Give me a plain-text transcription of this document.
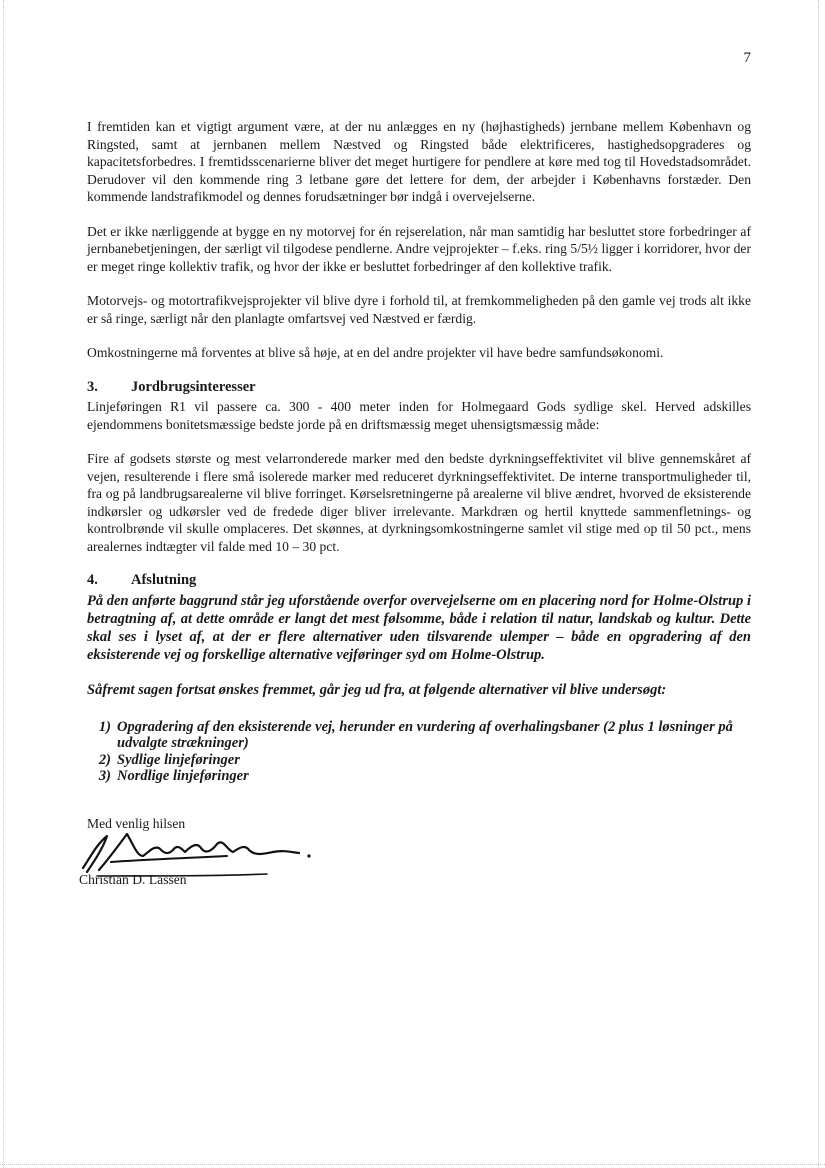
7

I fremtiden kan et vigtigt argument være, at der nu anlægges en ny (højhastigheds) jernbane mellem København og Ringsted, samt at jernbanen mellem Næstved og Ringsted både elektrificeres, hastighedsopgraderes og kapacitetsforbedres. I fremtidsscenarierne bliver det meget hurtigere for pendlere at køre med tog til Hovedstadsområdet. Derudover vil den kommende ring 3 letbane gøre det lettere for dem, der arbejder i Københavns forstæder. Den kommende landstrafikmodel og dennes forudsætninger bør indgå i overvejelserne.

Det er ikke nærliggende at bygge en ny motorvej for én rejserelation, når man samtidig har besluttet store forbedringer af jernbanebetjeningen, der særligt vil tilgodese pendlerne. Andre vejprojekter – f.eks. ring 5/5½ ligger i korridorer, hvor der er meget ringe kollektiv trafik, og hvor der ikke er besluttet forbedringer af den kollektive trafik.

Motorvejs- og motortrafikvejsprojekter vil blive dyre i forhold til, at fremkommeligheden på den gamle vej trods alt ikke er så ringe, særligt når den planlagte omfartsvej ved Næstved er færdig.

Omkostningerne må forventes at blive så høje, at en del andre projekter vil have bedre samfundsøkonomi.

3.	Jordbrugsinteresser

Linjeføringen R1 vil passere ca. 300 - 400 meter inden for Holmegaard Gods sydlige skel. Herved adskilles ejendommens bonitetsmæssige bedste jorde på en driftsmæssig meget uhensigtsmæssig måde:

Fire af godsets største og mest velarronderede marker med den bedste dyrkningseffektivitet vil blive gennemskåret af vejen, resulterende i flere små isolerede marker med reduceret dyrkningseffektivitet. De interne transportmuligheder til, fra og på landbrugsarealerne vil blive forringet. Kørselsretningerne på arealerne vil blive ændret, hvorved de eksisterende indkørsler og udkørsler ved de fredede diger bliver irrelevante. Markdræn og hertil knyttede sammenfletnings- og kontrolbrønde vil skulle omplaceres. Det skønnes, at dyrkningsomkostningerne samlet vil stige med op til 50 pct., mens arealernes indtægter vil falde med 10 – 30 pct.

4.	Afslutning

På den anførte baggrund står jeg uforstående overfor overvejelserne om en placering nord for Holme-Olstrup i betragtning af, at dette område er langt det mest følsomme, både i relation til natur, landskab og kultur. Dette skal ses i lyset af, at der er flere alternativer uden tilsvarende ulemper – både en opgradering af den eksisterende vej og forskellige alternative vejføringer syd om Holme-Olstrup.

Såfremt sagen fortsat ønskes fremmet, går jeg ud fra, at følgende alternativer vil blive undersøgt:

1) Opgradering af den eksisterende vej, herunder en vurdering af overhalingsbaner (2 plus 1 løsninger på udvalgte strækninger)
2) Sydlige linjeføringer
3) Nordlige linjeføringer

Med venlig hilsen

Christian D. Lassen
